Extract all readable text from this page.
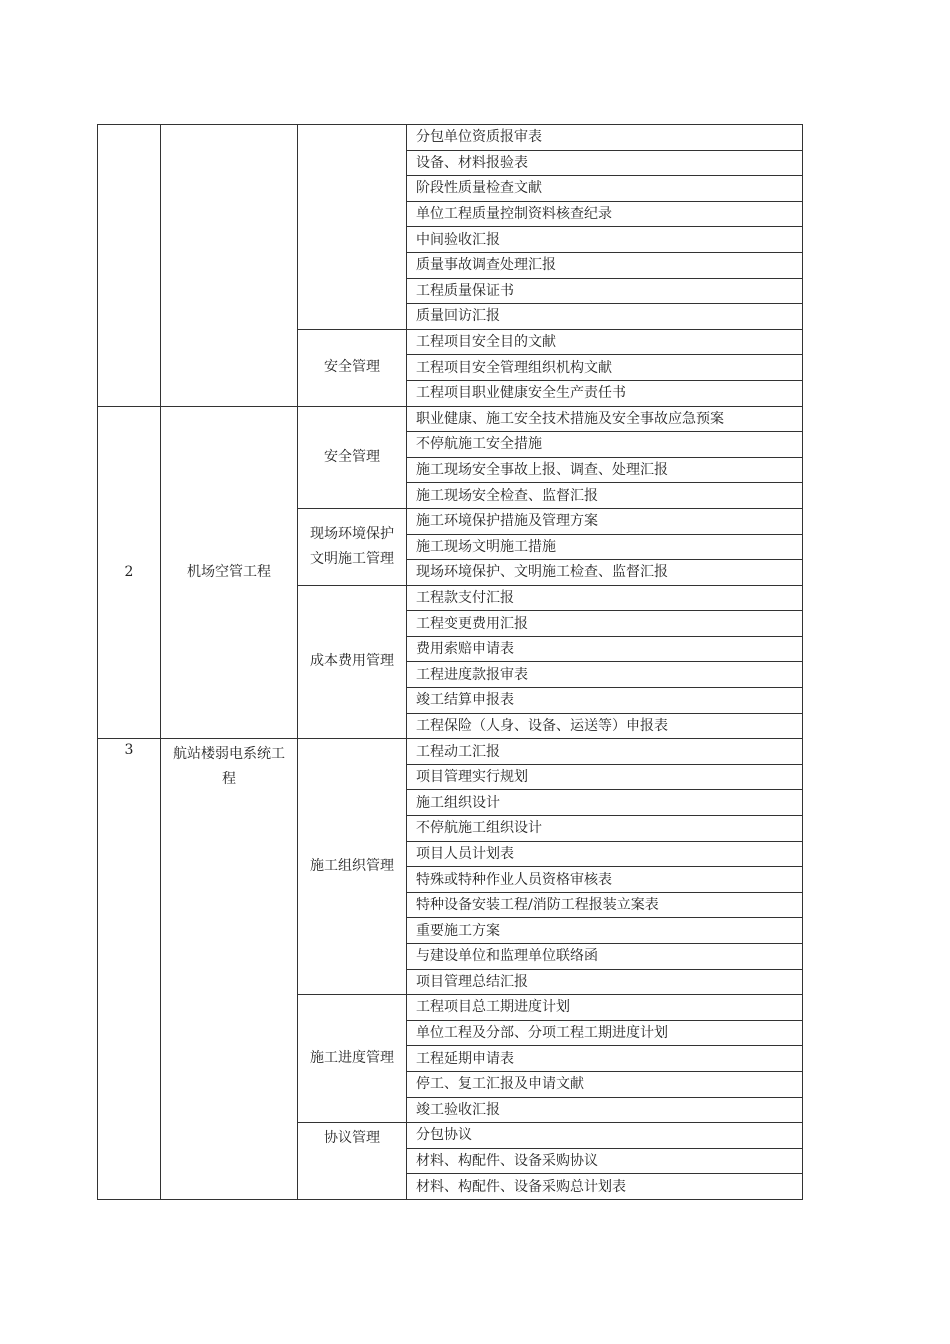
			分包单位资质报审表
			设备、材料报验表
			阶段性质量检查文献
			单位工程质量控制资料核查纪录
			中间验收汇报
			质量事故调查处理汇报
			工程质量保证书
			质量回访汇报
		安全管理	工程项目安全目的文献
			工程项目安全管理组织机构文献
			工程项目职业健康安全生产责任书
2	机场空管工程	安全管理	职业健康、施工安全技术措施及安全事故应急预案
			不停航施工安全措施
			施工现场安全事故上报、调查、处理汇报
			施工现场安全检查、监督汇报
		现场环境保护文明施工管理	施工环境保护措施及管理方案
			施工现场文明施工措施
			现场环境保护、文明施工检查、监督汇报
		成本费用管理	工程款支付汇报
			工程变更费用汇报
			费用索赔申请表
			工程进度款报审表
			竣工结算申报表
			工程保险（人身、设备、运送等）申报表
3	航站楼弱电系统工程	施工组织管理	工程动工汇报
			项目管理实行规划
			施工组织设计
			不停航施工组织设计
			项目人员计划表
			特殊或特种作业人员资格审核表
			特种设备安装工程/消防工程报装立案表
			重要施工方案
			与建设单位和监理单位联络函
			项目管理总结汇报
		施工进度管理	工程项目总工期进度计划
			单位工程及分部、分项工程工期进度计划
			工程延期申请表
			停工、复工汇报及申请文献
			竣工验收汇报
		协议管理	分包协议
			材料、构配件、设备采购协议
			材料、构配件、设备采购总计划表
